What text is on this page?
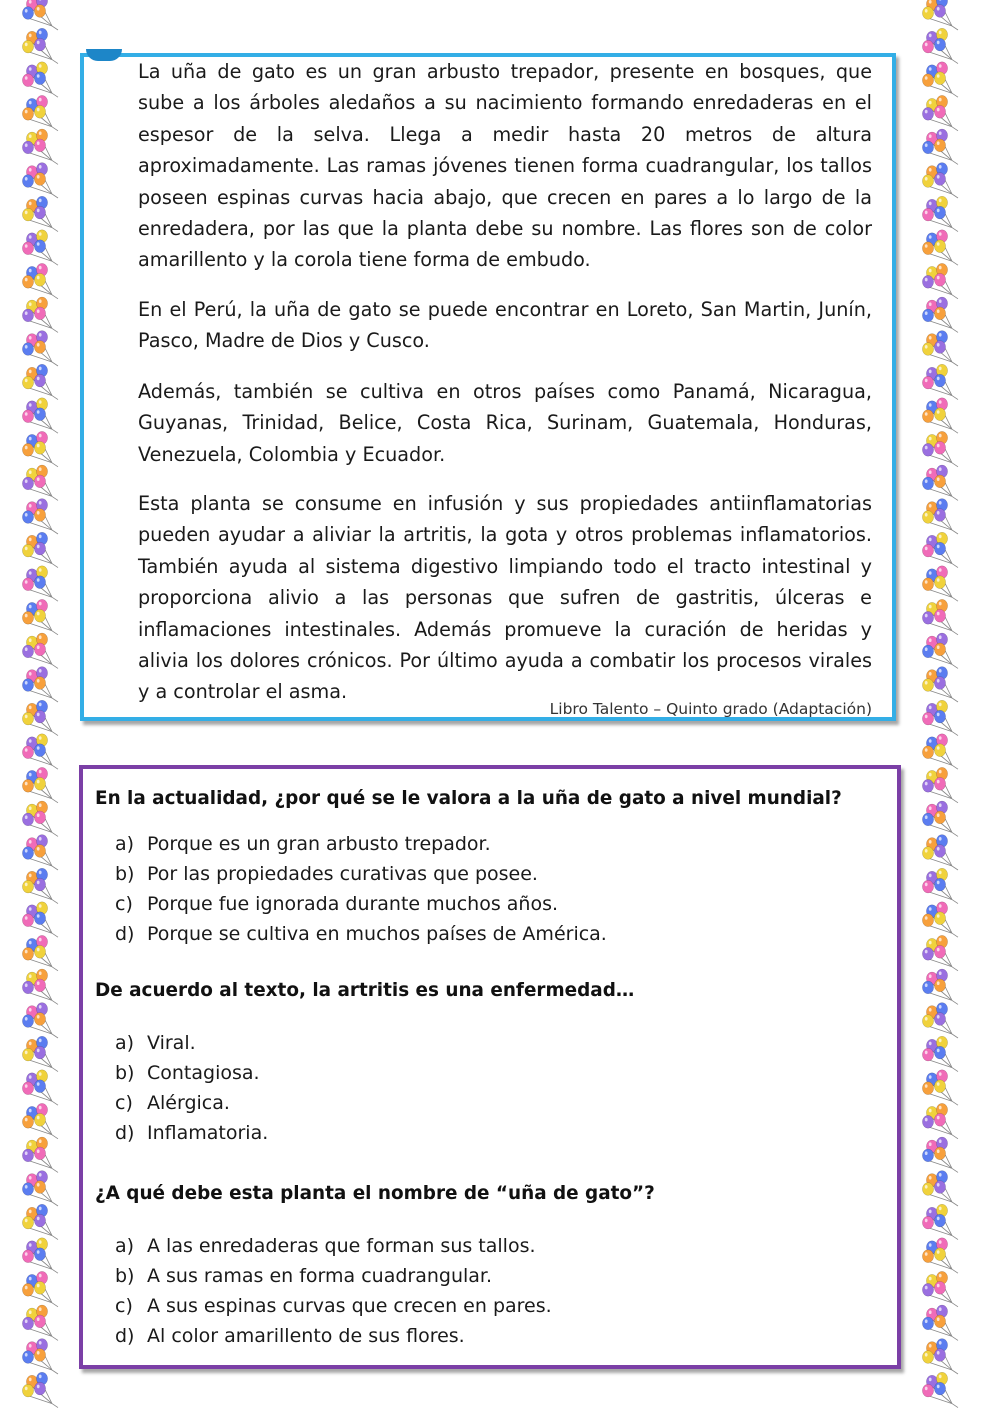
La uña de gato es un gran arbusto trepador, presente en bosques, que sube a los árboles aledaños a su nacimiento formando enredaderas en el espesor de la selva. Llega a medir hasta 20 metros de altura aproximadamente. Las ramas jóvenes tienen forma cuadrangular, los tallos poseen espinas curvas hacia abajo, que crecen en pares a lo largo de la enredadera, por las que la planta debe su nombre. Las flores son de color amarillento y la corola tiene forma de embudo.

En el Perú, la uña de gato se puede encontrar en Loreto, San Martin, Junín, Pasco, Madre de Dios y Cusco.

Además, también se cultiva en otros países como Panamá, Nicaragua, Guyanas, Trinidad, Belice, Costa Rica, Surinam, Guatemala, Honduras, Venezuela, Colombia y Ecuador.

Esta planta se consume en infusión y sus propiedades antiinflamatorias pueden ayudar a aliviar la artritis, la gota y otros problemas inflamatorios. También ayuda al sistema digestivo limpiando todo el tracto intestinal y proporciona alivio a las personas que sufren de gastritis, úlceras e inflamaciones intestinales. Además promueve la curación de heridas y alivia los dolores crónicos. Por último ayuda a combatir los procesos virales y a controlar el asma.

Libro Talento – Quinto grado (Adaptación)

En la actualidad, ¿por qué se le valora a la uña de gato a nivel mundial?

a) Porque es un gran arbusto trepador.
b) Por las propiedades curativas que posee.
c) Porque fue ignorada durante muchos años.
d) Porque se cultiva en muchos países de América.

De acuerdo al texto, la artritis es una enfermedad…

a) Viral.
b) Contagiosa.
c) Alérgica.
d) Inflamatoria.

¿A qué debe esta planta el nombre de “uña de gato”?

a) A las enredaderas que forman sus tallos.
b) A sus ramas en forma cuadrangular.
c) A sus espinas curvas que crecen en pares.
d) Al color amarillento de sus flores.
